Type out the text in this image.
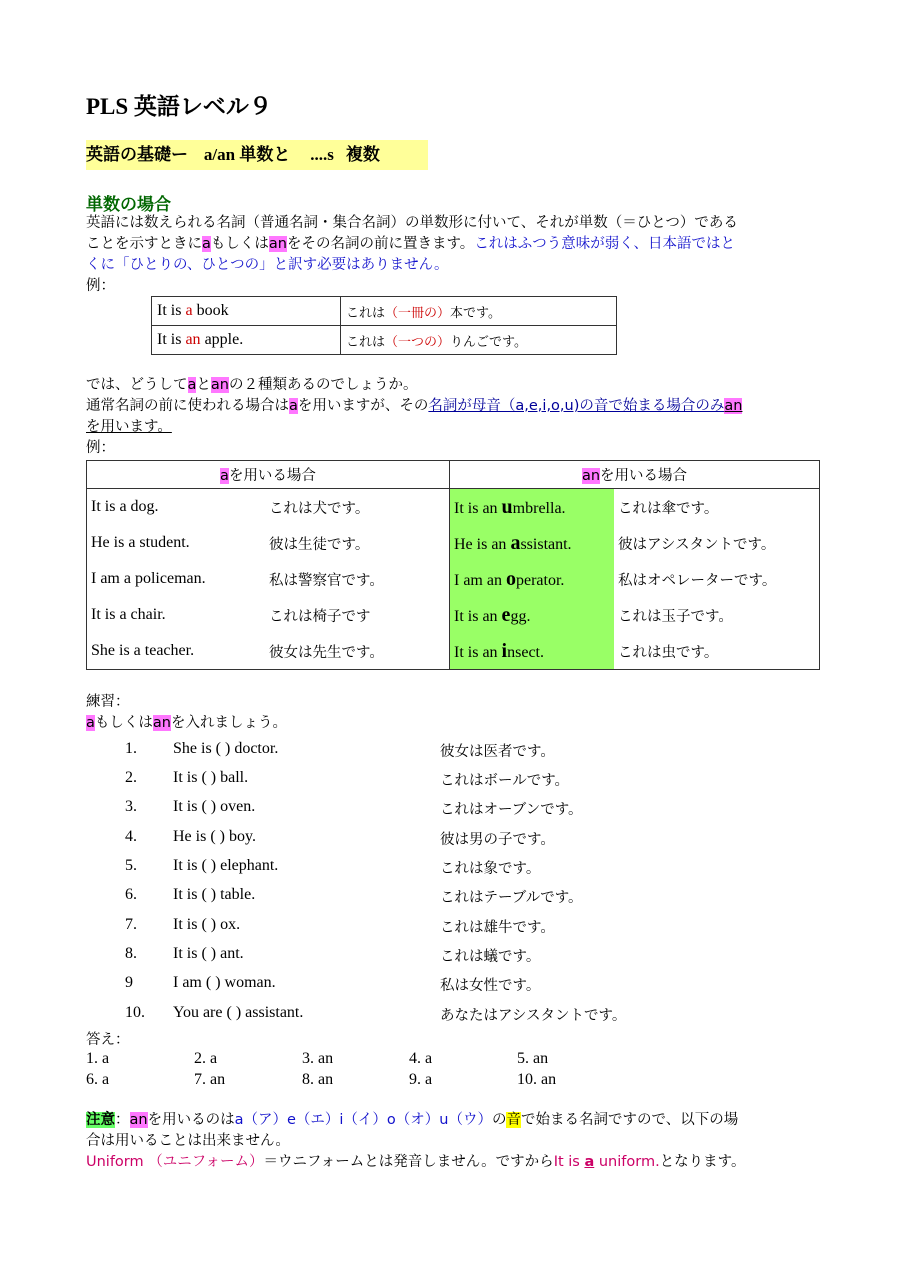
PLS 英語レベル９
英語の基礎ー a/an 単数と ....s 複数
単数の場合
英語には数えられる名詞（普通名詞・集合名詞）の単数形に付いて、それが単数（＝ひとつ）である
ことを示すときにaもしくはanをその名詞の前に置きます。これはふつう意味が弱く、日本語ではと
くに「ひとりの、ひとつの」と訳す必要はありません。
例：
It is a book	これは（一冊の）本です。
It is an apple.	これは（一つの）りんごです。
では、どうしてaとanの２種類あるのでしょうか。
通常名詞の前に使われる場合はaを用いますが、その名詞が母音（a,e,i,o,u)の音で始まる場合のみan
を用います。
例：
aを用いる場合		anを用いる場合	
It is a dog.	これは犬です。	It is an umbrella.	これは傘です。
He is a student.	彼は生徒です。	He is an assistant.	彼はアシスタントです。
I am a policeman.	私は警察官です。	I am an operator.	私はオペレーターです。
It is a chair.	これは椅子です	It is an egg.	これは玉子です。
She is a teacher.	彼女は先生です。	It is an insect.	これは虫です。
練習：
aもしくはanを入れましょう。
1. She is ( ) doctor.	彼女は医者です。
2. It is ( ) ball.	これはボールです。
3. It is ( ) oven.	これはオーブンです。
4. He is ( ) boy.	彼は男の子です。
5. It is ( ) elephant.	これは象です。
6. It is ( ) table.	これはテーブルです。
7. It is ( ) ox.	これは雄牛です。
8. It is ( ) ant.	これは蟻です。
9	I am ( ) woman.	私は女性です。
10. You are ( ) assistant.	あなたはアシスタントです。
答え：
1. a	2. a	3. an	4. a	5. an
6. a	7. an	8. an	9. a	10. an
注意：anを用いるのはa（ア）e（エ）i（イ）o（オ）u（ウ）の音で始まる名詞ですので、以下の場
合は用いることは出来ません。
Uniform （ユニフォーム）＝ウニフォームとは発音しません。ですからIt is a uniform.となります。
